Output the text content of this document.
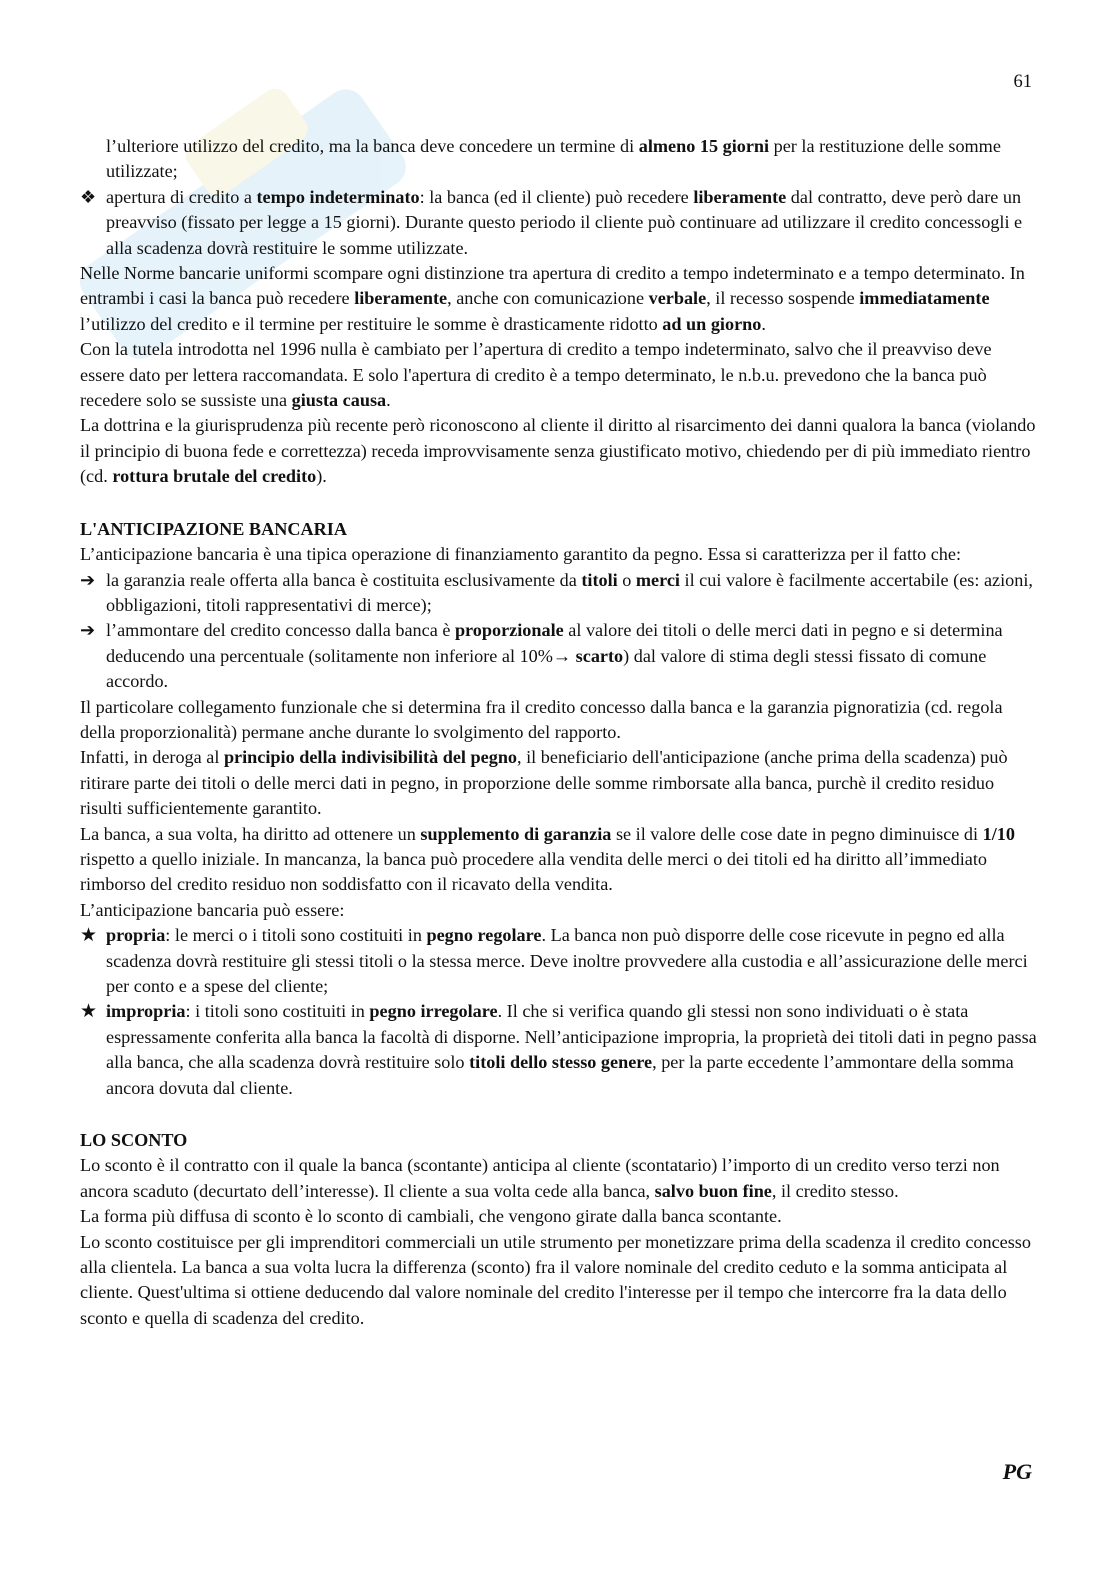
61

l’ulteriore utilizzo del credito, ma la banca deve concedere un termine di almeno 15 giorni per la restituzione delle somme utilizzate;

❖ apertura di credito a tempo indeterminato: la banca (ed il cliente) può recedere liberamente dal contratto, deve però dare un preavviso (fissato per legge a 15 giorni). Durante questo periodo il cliente può continuare ad utilizzare il credito concessogli e alla scadenza dovrà restituire le somme utilizzate.

Nelle Norme bancarie uniformi scompare ogni distinzione tra apertura di credito a tempo indeterminato e a tempo determinato. In entrambi i casi la banca può recedere liberamente, anche con comunicazione verbale, il recesso sospende immediatamente l’utilizzo del credito e il termine per restituire le somme è drasticamente ridotto ad un giorno.

Con la tutela introdotta nel 1996 nulla è cambiato per l’apertura di credito a tempo indeterminato, salvo che il preavviso deve essere dato per lettera raccomandata. E solo l'apertura di credito è a tempo determinato, le n.b.u. prevedono che la banca può recedere solo se sussiste una giusta causa.

La dottrina e la giurisprudenza più recente però riconoscono al cliente il diritto al risarcimento dei danni qualora la banca (violando il principio di buona fede e correttezza) receda improvvisamente senza giustificato motivo, chiedendo per di più immediato rientro (cd. rottura brutale del credito).

L'ANTICIPAZIONE BANCARIA

L’anticipazione bancaria è una tipica operazione di finanziamento garantito da pegno. Essa si caratterizza per il fatto che:

➔ la garanzia reale offerta alla banca è costituita esclusivamente da titoli o merci il cui valore è facilmente accertabile (es: azioni, obbligazioni, titoli rappresentativi di merce);
➔ l’ammontare del credito concesso dalla banca è proporzionale al valore dei titoli o delle merci dati in pegno e si determina deducendo una percentuale (solitamente non inferiore al 10%→ scarto) dal valore di stima degli stessi fissato di comune accordo.

Il particolare collegamento funzionale che si determina fra il credito concesso dalla banca e la garanzia pignoratizia (cd. regola della proporzionalità) permane anche durante lo svolgimento del rapporto.

Infatti, in deroga al principio della indivisibilità del pegno, il beneficiario dell'anticipazione (anche prima della scadenza) può ritirare parte dei titoli o delle merci dati in pegno, in proporzione delle somme rimborsate alla banca, purchè il credito residuo risulti sufficientemente garantito.

La banca, a sua volta, ha diritto ad ottenere un supplemento di garanzia se il valore delle cose date in pegno diminuisce di 1/10 rispetto a quello iniziale. In mancanza, la banca può procedere alla vendita delle merci o dei titoli ed ha diritto all’immediato rimborso del credito residuo non soddisfatto con il ricavato della vendita.

L’anticipazione bancaria può essere:

★ propria: le merci o i titoli sono costituiti in pegno regolare. La banca non può disporre delle cose ricevute in pegno ed alla scadenza dovrà restituire gli stessi titoli o la stessa merce. Deve inoltre provvedere alla custodia e all’assicurazione delle merci per conto e a spese del cliente;
★ impropria: i titoli sono costituiti in pegno irregolare. Il che si verifica quando gli stessi non sono individuati o è stata espressamente conferita alla banca la facoltà di disporne. Nell’anticipazione impropria, la proprietà dei titoli dati in pegno passa alla banca, che alla scadenza dovrà restituire solo titoli dello stesso genere, per la parte eccedente l’ammontare della somma ancora dovuta dal cliente.
LO SCONTO

Lo sconto è il contratto con il quale la banca (scontante) anticipa al cliente (scontatario) l’importo di un credito verso terzi non ancora scaduto (decurtato dell’interesse). Il cliente a sua volta cede alla banca, salvo buon fine, il credito stesso.

La forma più diffusa di sconto è lo sconto di cambiali, che vengono girate dalla banca scontante.

Lo sconto costituisce per gli imprenditori commerciali un utile strumento per monetizzare prima della scadenza il credito concesso alla clientela. La banca a sua volta lucra la differenza (sconto) fra il valore nominale del credito ceduto e la somma anticipata al cliente. Quest'ultima si ottiene deducendo dal valore nominale del credito l'interesse per il tempo che intercorre fra la data dello sconto e quella di scadenza del credito.

PG
